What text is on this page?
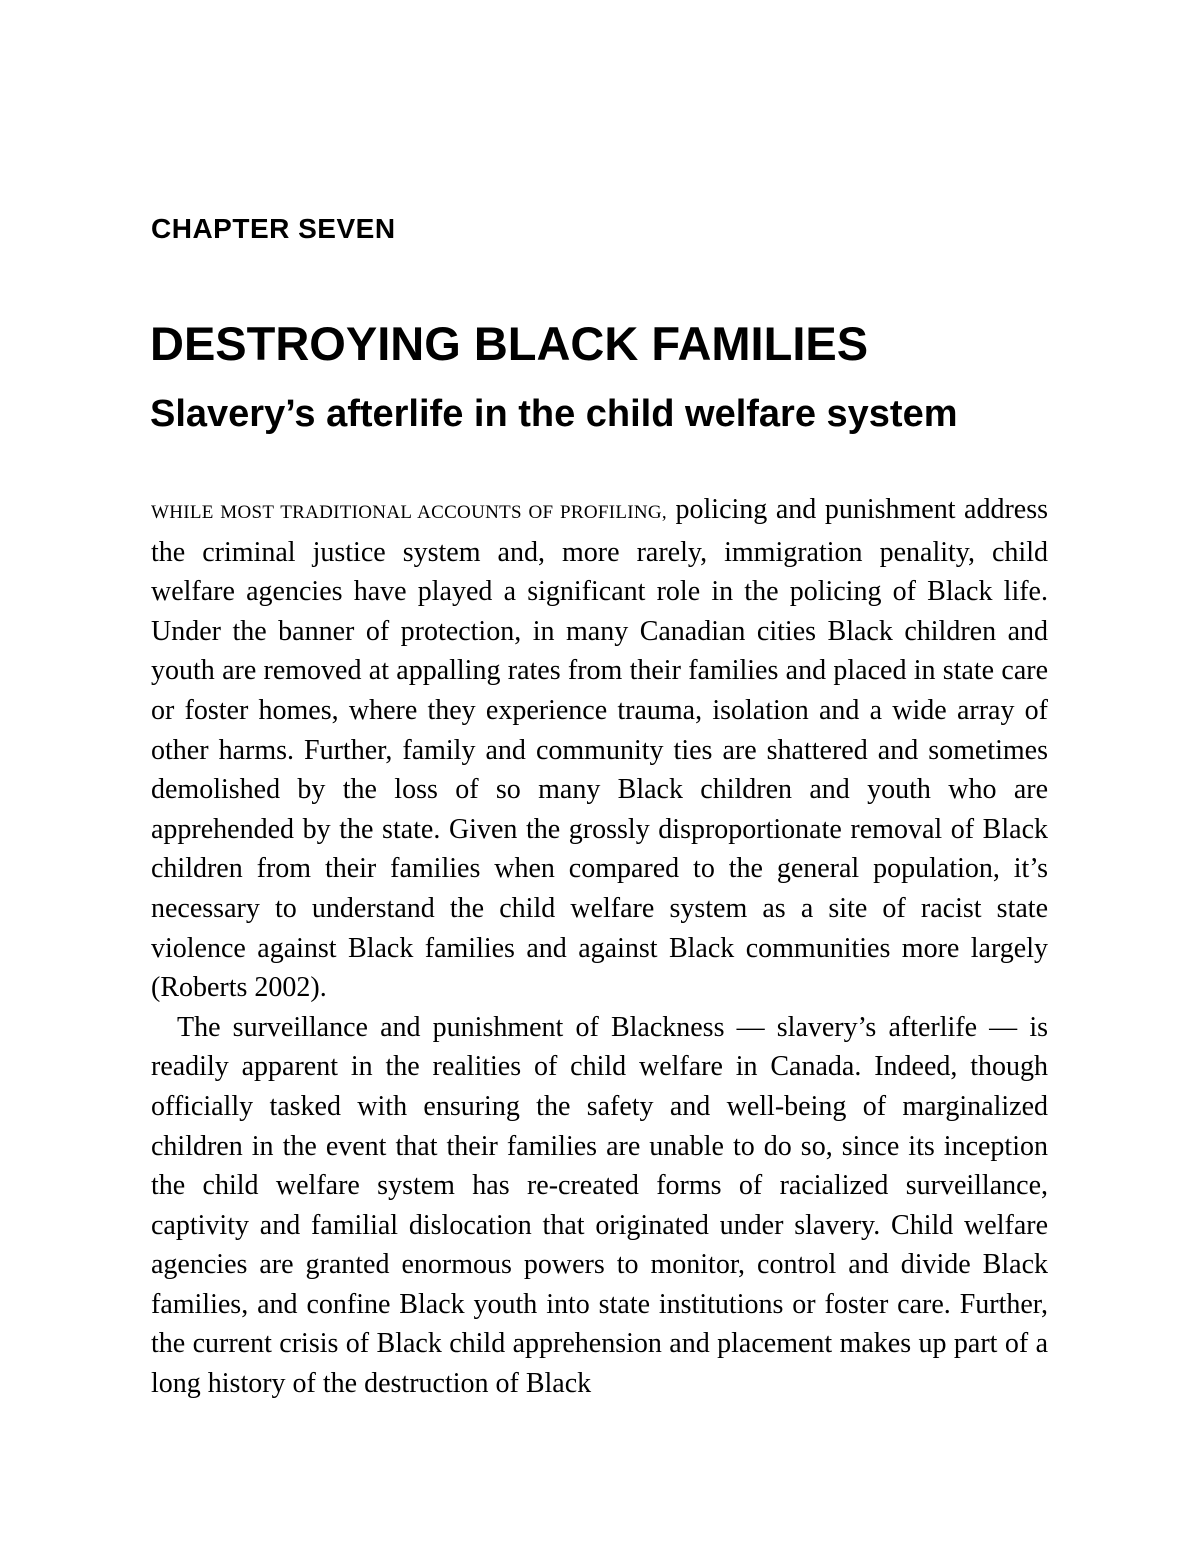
CHAPTER SEVEN
DESTROYING BLACK FAMILIES
Slavery’s afterlife in the child welfare system

WHILE MOST TRADITIONAL ACCOUNTS OF PROFILING, policing and punishment address the criminal justice system and, more rarely, immigration penality, child welfare agencies have played a significant role in the policing of Black life. Under the banner of protection, in many Canadian cities Black children and youth are removed at appalling rates from their families and placed in state care or foster homes, where they experience trauma, isolation and a wide array of other harms. Further, family and community ties are shattered and sometimes demolished by the loss of so many Black children and youth who are apprehended by the state. Given the grossly disproportionate removal of Black children from their families when compared to the general population, it’s necessary to understand the child welfare system as a site of racist state violence against Black families and against Black communities more largely (Roberts 2002).

The surveillance and punishment of Blackness — slavery’s afterlife — is readily apparent in the realities of child welfare in Canada. Indeed, though officially tasked with ensuring the safety and well-being of marginalized children in the event that their families are unable to do so, since its inception the child welfare system has re-created forms of racialized surveillance, captivity and familial dislocation that originated under slavery. Child welfare agencies are granted enormous powers to monitor, control and divide Black families, and confine Black youth into state institutions or foster care. Further, the current crisis of Black child apprehension and placement makes up part of a long history of the destruction of Black
